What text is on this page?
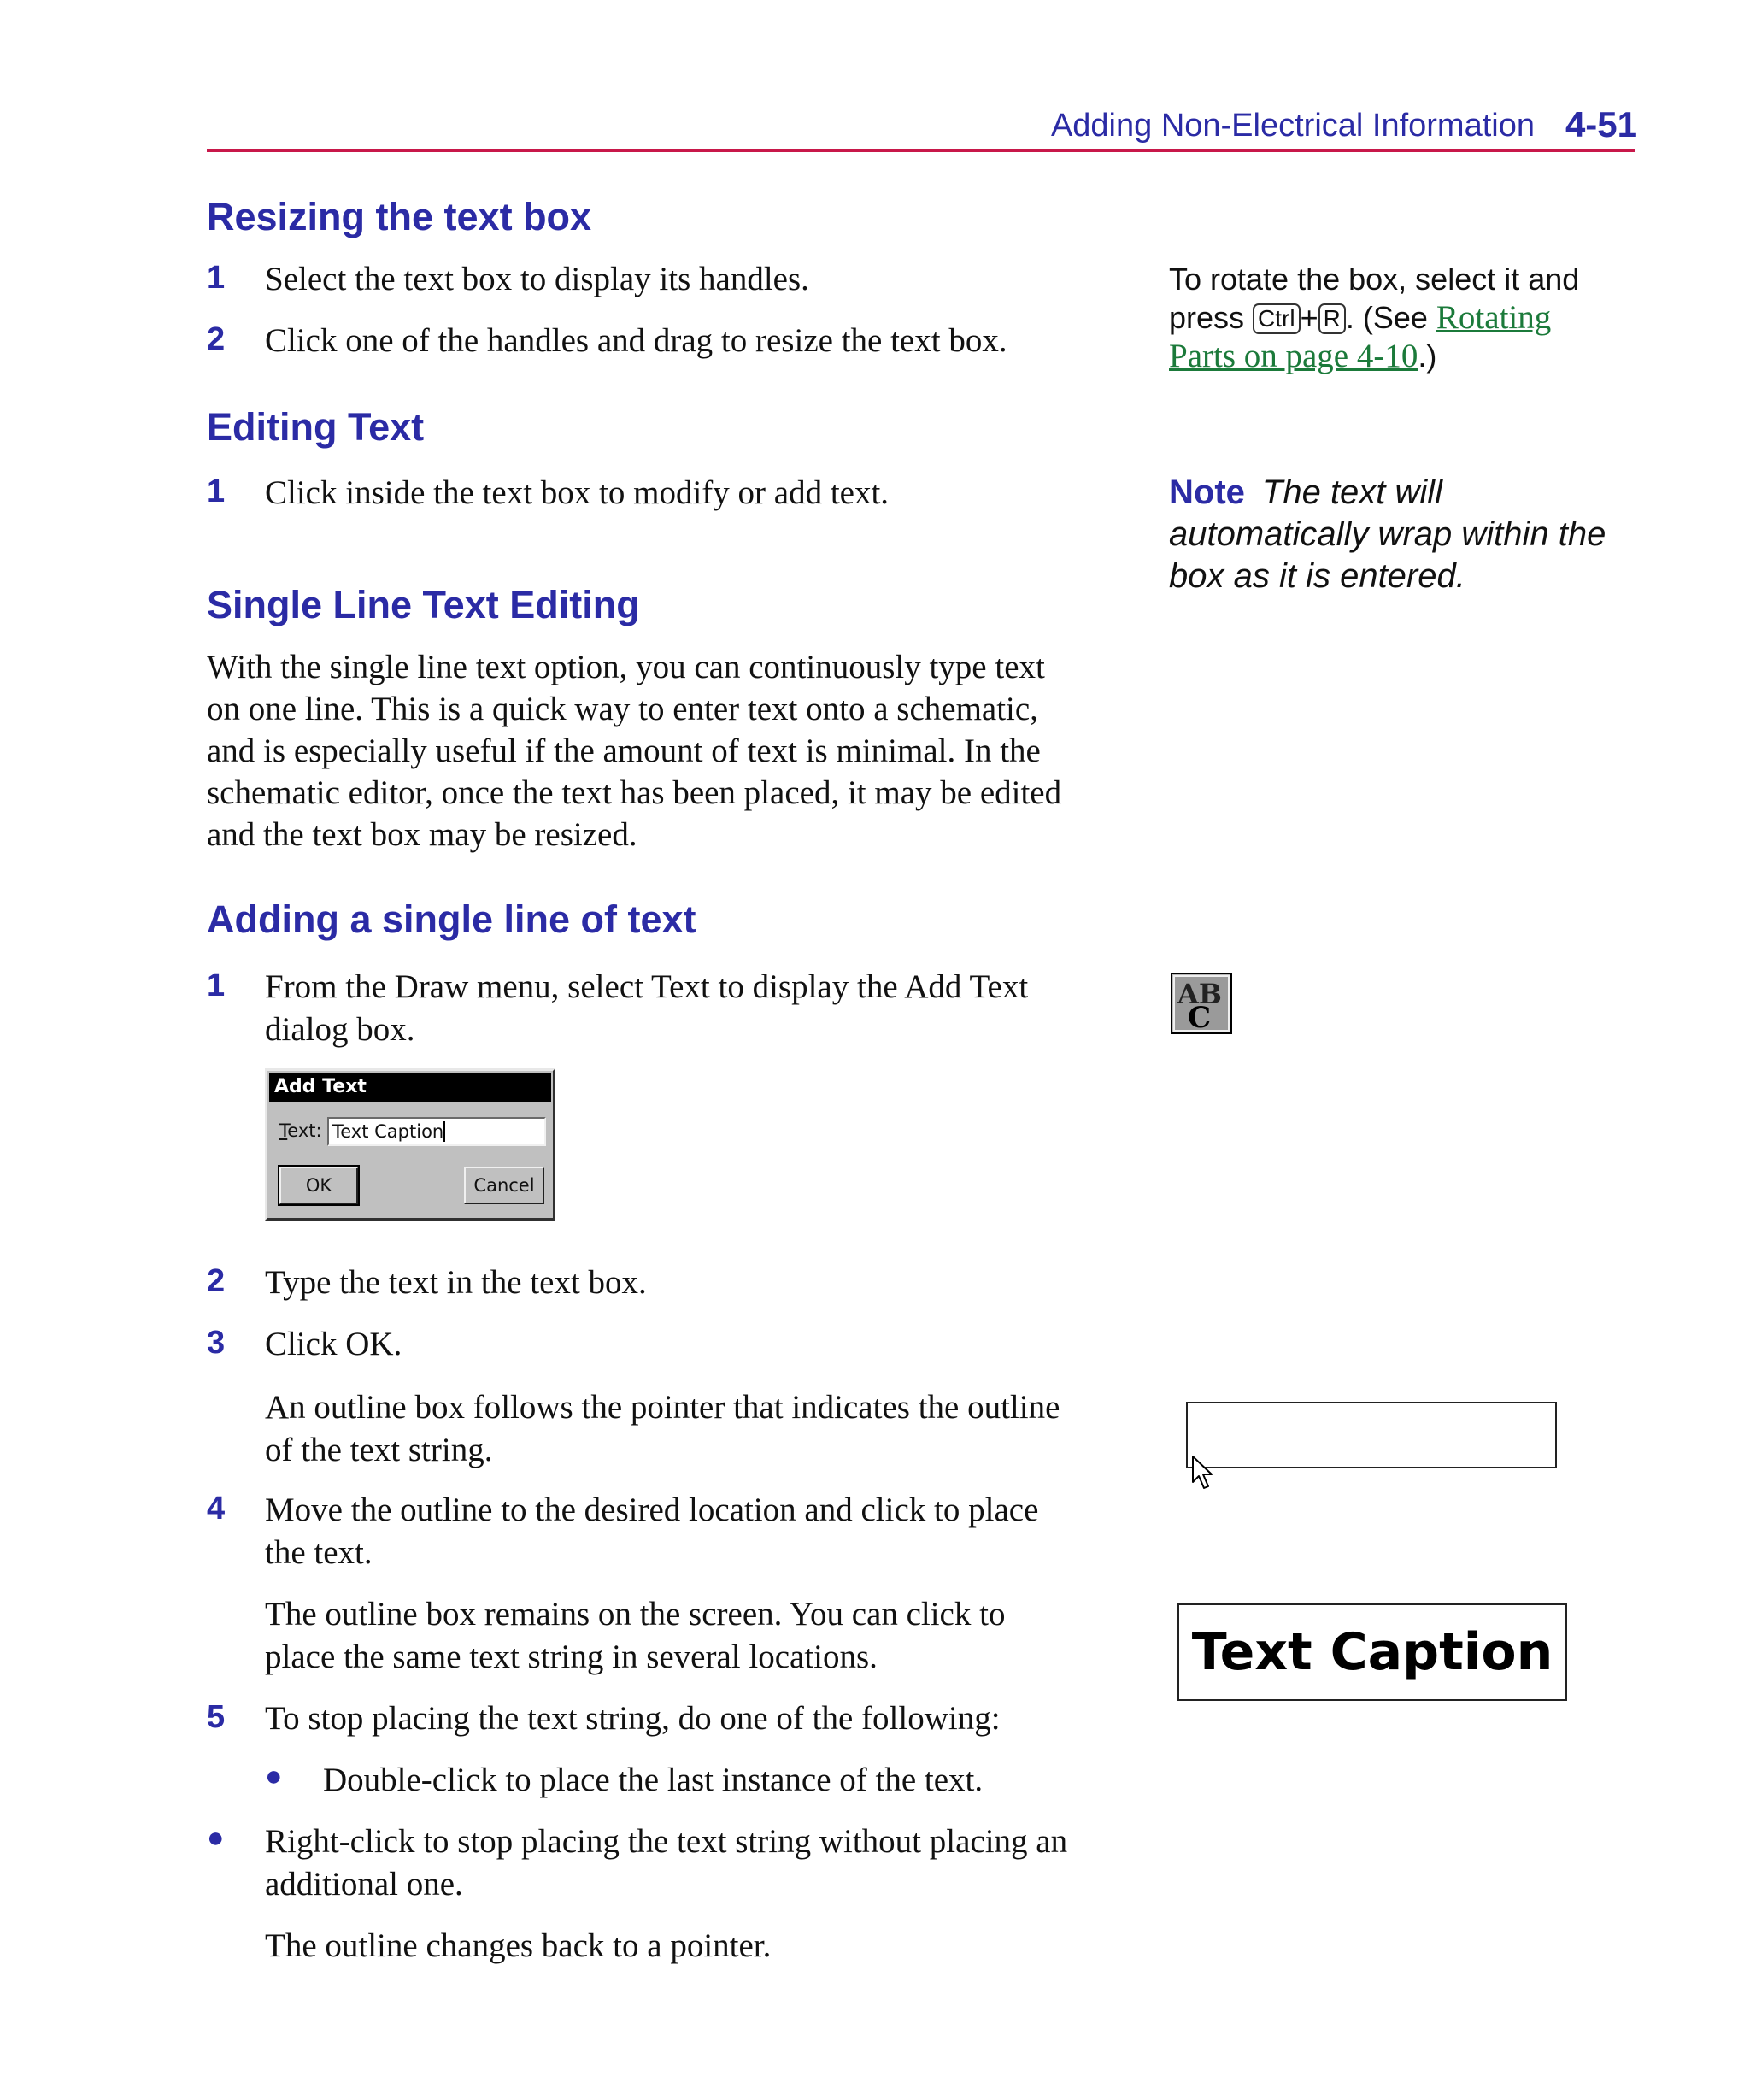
Adding Non-Electrical Information 4-51
Resizing the text box
1 Select the text box to display its handles.
2 Click one of the handles and drag to resize the text box.
To rotate the box, select it and
press Ctrl + R . (See Rotating
Parts on page 4-10.)
Editing Text
1 Click inside the text box to modify or add text.	Note The text will
automatically wrap within the
box as it is entered.
Single Line Text Editing
With the single line text option, you can continuously type text
on one line. This is a quick way to enter text onto a schematic,
and is especially useful if the amount of text is minimal. In the
schematic editor, once the text has been placed, it may be edited
and the text box may be resized.
Adding a single line of text
1 From the Draw menu, select Text to display the Add Text
dialog box.
AB
C
Add Text
Text: Text Caption
OK	Cancel
2 Type the text in the text box.
3 Click OK.
An outline box follows the pointer that indicates the outline
of the text string.
4 Move the outline to the desired location and click to place
the text.
The outline box remains on the screen. You can click to
place the same text string in several locations.	Text Caption
5 To stop placing the text string, do one of the following:
● Double-click to place the last instance of the text.
● Right-click to stop placing the text string without placing an
additional one.
The outline changes back to a pointer.
